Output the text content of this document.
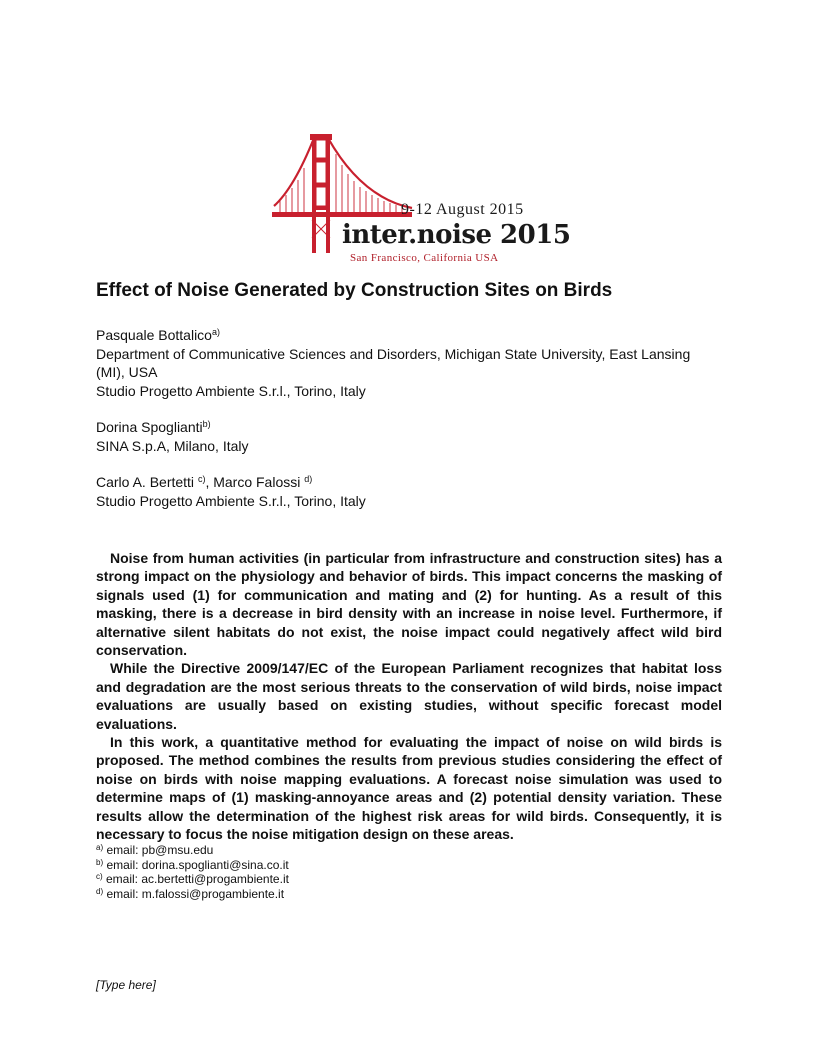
9-12 August 2015
inter.noise 2015
San Francisco, California USA
Effect of Noise Generated by Construction Sites on Birds

Pasquale Bottalico$^{a)}$

Department of Communicative Sciences and Disorders, Michigan State University, East Lansing (MI), USA

Studio Progetto Ambiente S.r.l., Torino, Italy

Dorina Spoglianti$^{b)}$

SINA S.p.A, Milano, Italy

Carlo A. Bertetti $^{c)}$, Marco Falossi $^{d)}$

Studio Progetto Ambiente S.r.l., Torino, Italy

Noise from human activities (in particular from infrastructure and construction sites) has a strong impact on the physiology and behavior of birds. This impact concerns the masking of signals used (1) for communication and mating and (2) for hunting. As a result of this masking, there is a decrease in bird density with an increase in noise level. Furthermore, if alternative silent habitats do not exist, the noise impact could negatively affect wild bird conservation.

While the Directive 2009/147/EC of the European Parliament recognizes that habitat loss and degradation are the most serious threats to the conservation of wild birds, noise impact evaluations are usually based on existing studies, without specific forecast model evaluations.

In this work, a quantitative method for evaluating the impact of noise on wild birds is proposed. The method combines the results from previous studies considering the effect of noise on birds with noise mapping evaluations. A forecast noise simulation was used to determine maps of (1) masking-annoyance areas and (2) potential density variation. These results allow the determination of the highest risk areas for wild birds. Consequently, it is necessary to focus the noise mitigation design on these areas.

$^{a)}$ email: pb@msu.edu

$^{b)}$ email: dorina.spoglianti@sina.co.it

$^{c)}$ email: ac.bertetti@progambiente.it

$^{d)}$ email: m.falossi@progambiente.it

[Type here]
